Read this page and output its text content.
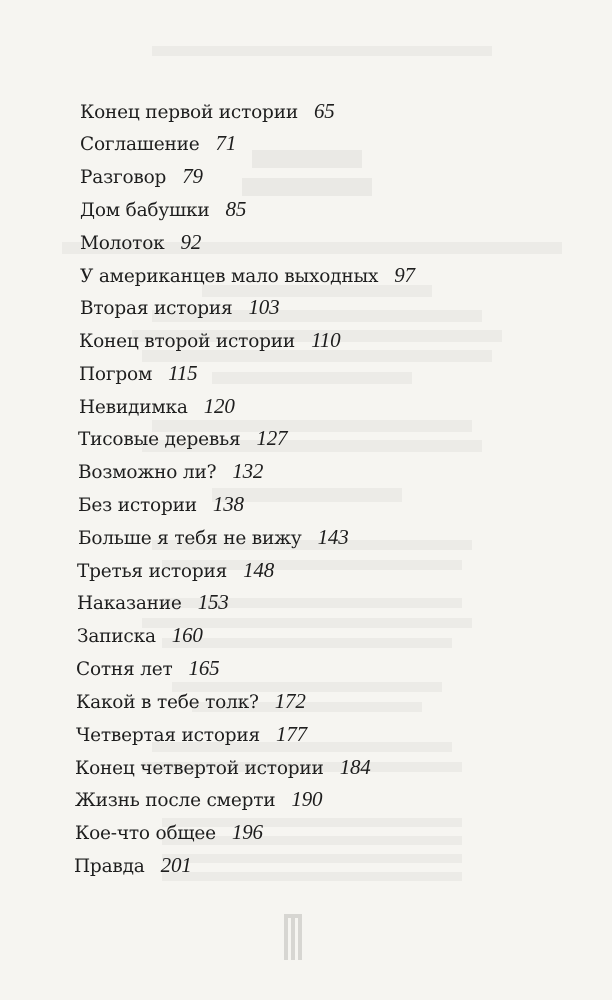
Конец первой истории 65
Соглашение 71
Разговор 79
Дом бабушки 85
Молоток 92
У американцев мало выходных 97
Вторая история 103
Конец второй истории 110
Погром 115
Невидимка 120
Тисовые деревья 127
Возможно ли? 132
Без истории 138
Больше я тебя не вижу 143
Третья история 148
Наказание 153
Записка 160
Сотня лет 165
Какой в тебе толк? 172
Четвертая история 177
Конец четвертой истории 184
Жизнь после смерти 190
Кое-что общее 196
Правда 201
